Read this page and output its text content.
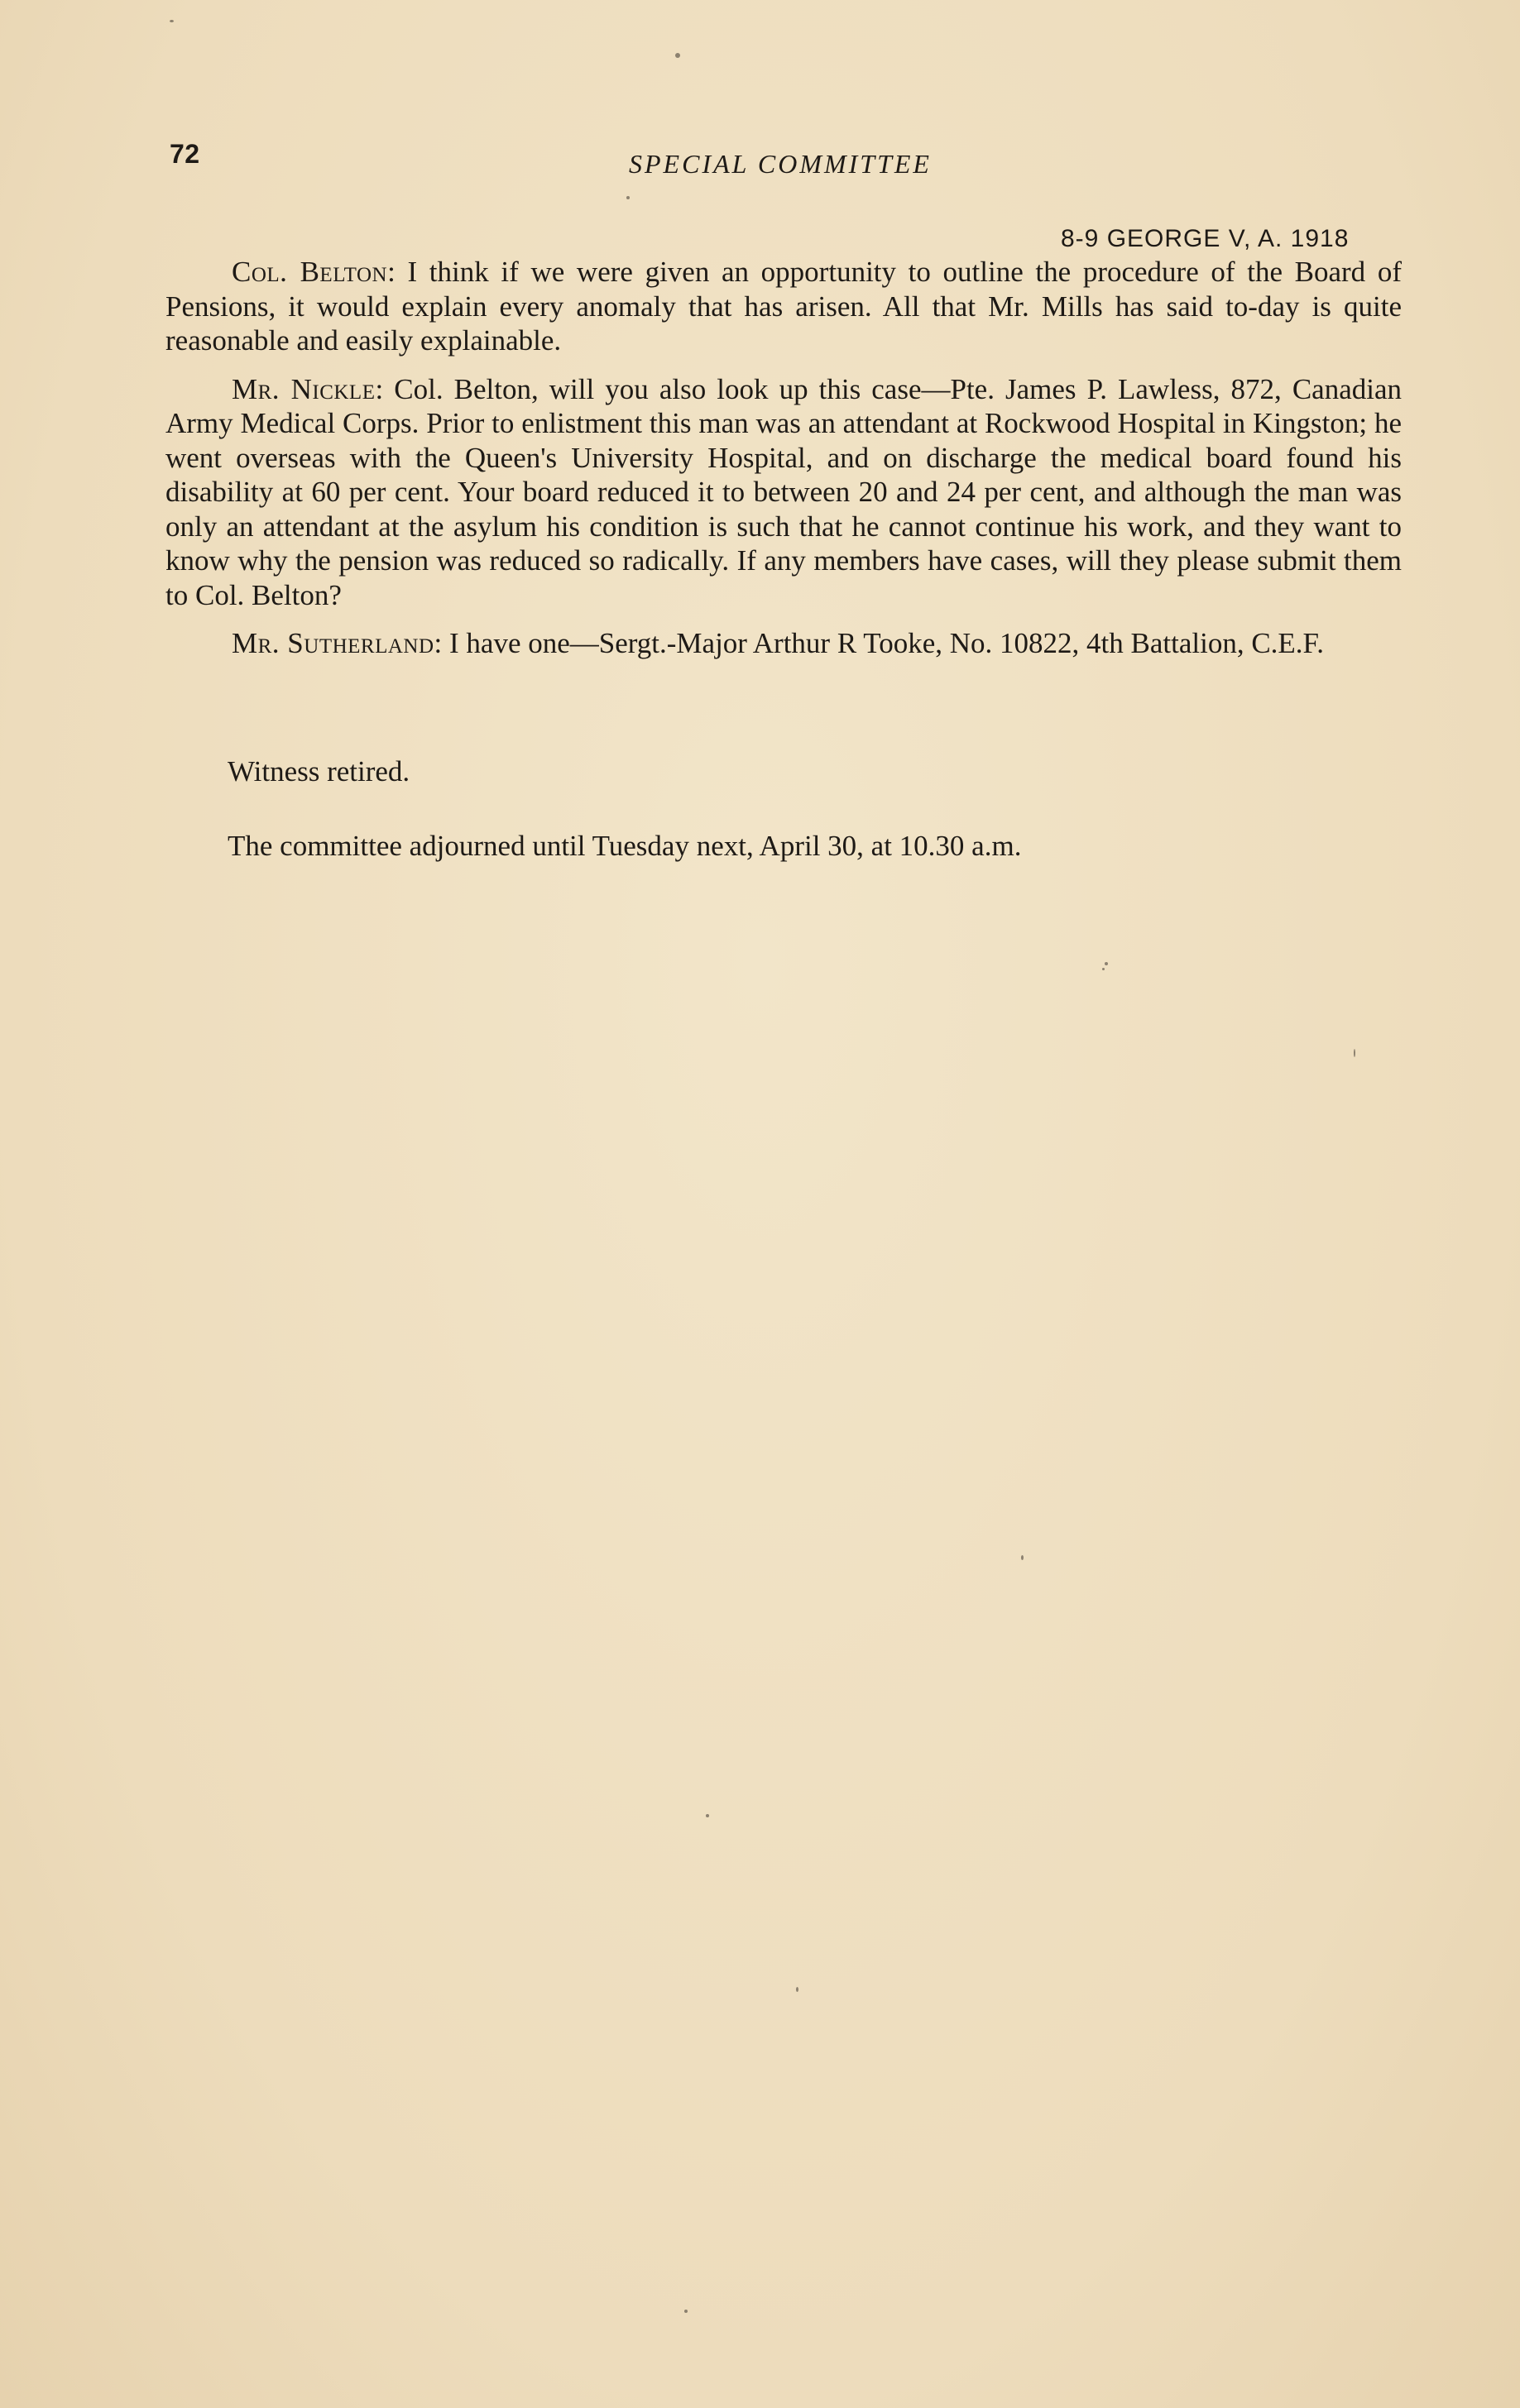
72	SPECIAL COMMITTEE
8-9 GEORGE V, A. 1918

Col. Belton: I think if we were given an opportunity to outline the procedure of the Board of Pensions, it would explain every anomaly that has arisen. All that Mr. Mills has said to-day is quite reasonable and easily explainable.

Mr. Nickle: Col. Belton, will you also look up this case—Pte. James P. Lawless, 872, Canadian Army Medical Corps. Prior to enlistment this man was an attendant at Rockwood Hospital in Kingston; he went overseas with the Queen's University Hospital, and on discharge the medical board found his disability at 60 per cent. Your board reduced it to between 20 and 24 per cent, and although the man was only an attendant at the asylum his condition is such that he cannot continue his work, and they want to know why the pension was reduced so radically. If any members have cases, will they please submit them to Col. Belton?

Mr. Sutherland: I have one—Sergt.-Major Arthur R Tooke, No. 10822, 4th Battalion, C.E.F.

Witness retired.
The committee adjourned until Tuesday next, April 30, at 10.30 a.m.
